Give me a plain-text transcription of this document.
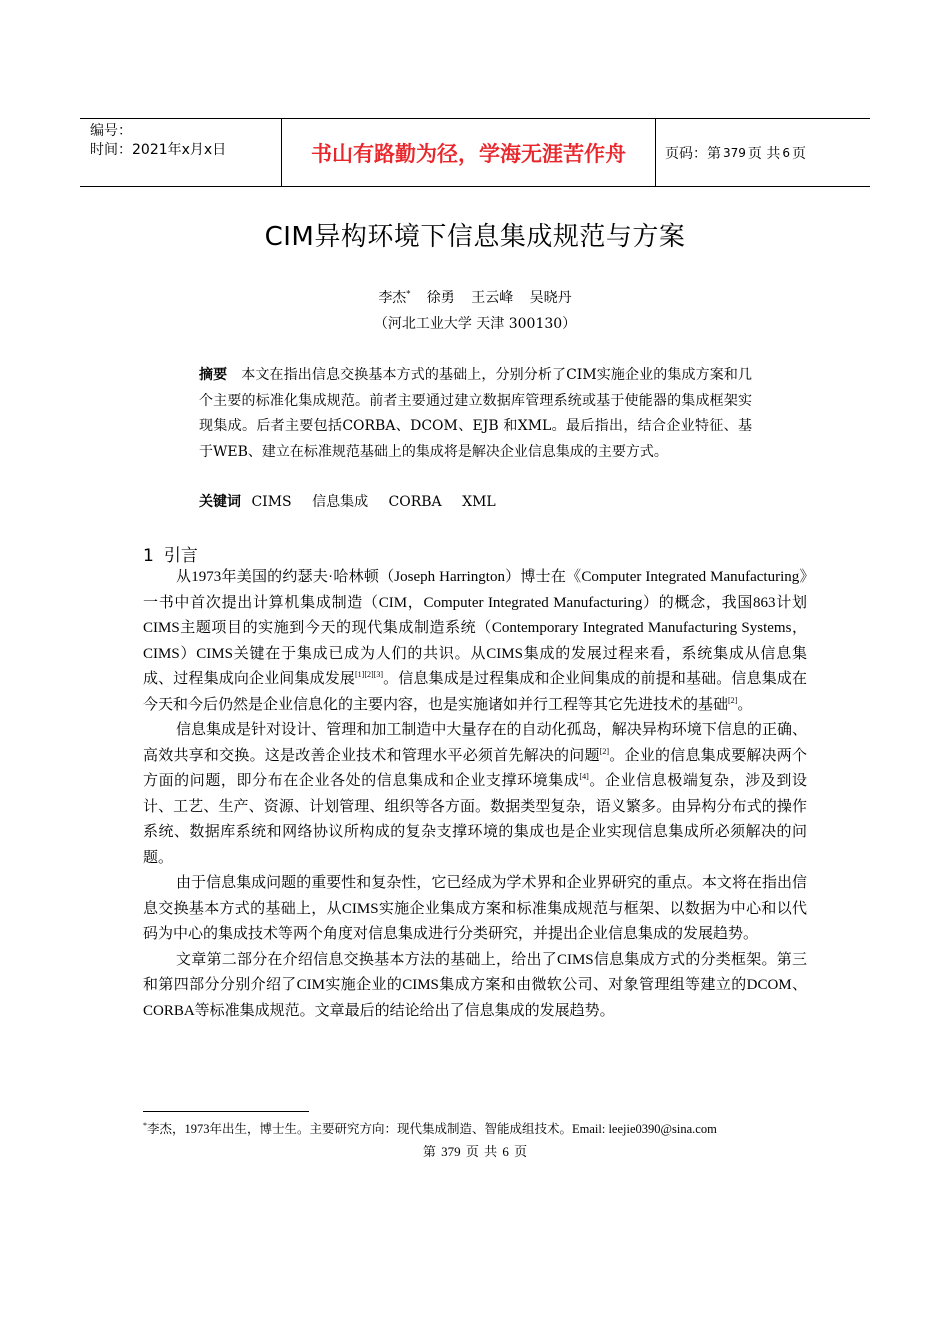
编号：
时间：2021年x月x日	书山有路勤为径，学海无涯苦作舟	页码：第 379 页 共 6 页
CIM异构环境下信息集成规范与方案
李杰* 徐勇 王云峰 吴晓丹
（河北工业大学 天津 300130）
摘要 本文在指出信息交换基本方式的基础上，分别分析了CIM实施企业的集成方案和几个主要的标准化集成规范。前者主要通过建立数据库管理系统或基于使能器的集成框架实现集成。后者主要包括CORBA、DCOM、EJB 和XML。最后指出，结合企业特征、基于WEB、建立在标准规范基础上的集成将是解决企业信息集成的主要方式。
关键词 CIMS 信息集成 CORBA XML
1 引言

从1973年美国的约瑟夫·哈林顿（Joseph Harrington）博士在《Computer Integrated Manufacturing》一书中首次提出计算机集成制造（CIM，Computer Integrated Manufacturing）的概念，我国863计划CIMS主题项目的实施到今天的现代集成制造系统（Contemporary Integrated Manufacturing Systems，CIMS）CIMS关键在于集成已成为人们的共识。从CIMS集成的发展过程来看，系统集成从信息集成、过程集成向企业间集成发展[1][2][3]。信息集成是过程集成和企业间集成的前提和基础。信息集成在今天和今后仍然是企业信息化的主要内容，也是实施诸如并行工程等其它先进技术的基础[2]。

信息集成是针对设计、管理和加工制造中大量存在的自动化孤岛，解决异构环境下信息的正确、高效共享和交换。这是改善企业技术和管理水平必须首先解决的问题[2]。企业的信息集成要解决两个方面的问题，即分布在企业各处的信息集成和企业支撑环境集成[4]。企业信息极端复杂，涉及到设计、工艺、生产、资源、计划管理、组织等各方面。数据类型复杂，语义繁多。由异构分布式的操作系统、数据库系统和网络协议所构成的复杂支撑环境的集成也是企业实现信息集成所必须解决的问题。

由于信息集成问题的重要性和复杂性，它已经成为学术界和企业界研究的重点。本文将在指出信息交换基本方式的基础上，从CIMS实施企业集成方案和标准集成规范与框架、以数据为中心和以代码为中心的集成技术等两个角度对信息集成进行分类研究，并提出企业信息集成的发展趋势。

文章第二部分在介绍信息交换基本方法的基础上，给出了CIMS信息集成方式的分类框架。第三和第四部分分别介绍了CIM实施企业的CIMS集成方案和由微软公司、对象管理组等建立的DCOM、CORBA等标准集成规范。文章最后的结论给出了信息集成的发展趋势。

*李杰，1973年出生，博士生。主要研究方向：现代集成制造、智能成组技术。Email: leejie0390@sina.com
第 379 页 共 6 页
